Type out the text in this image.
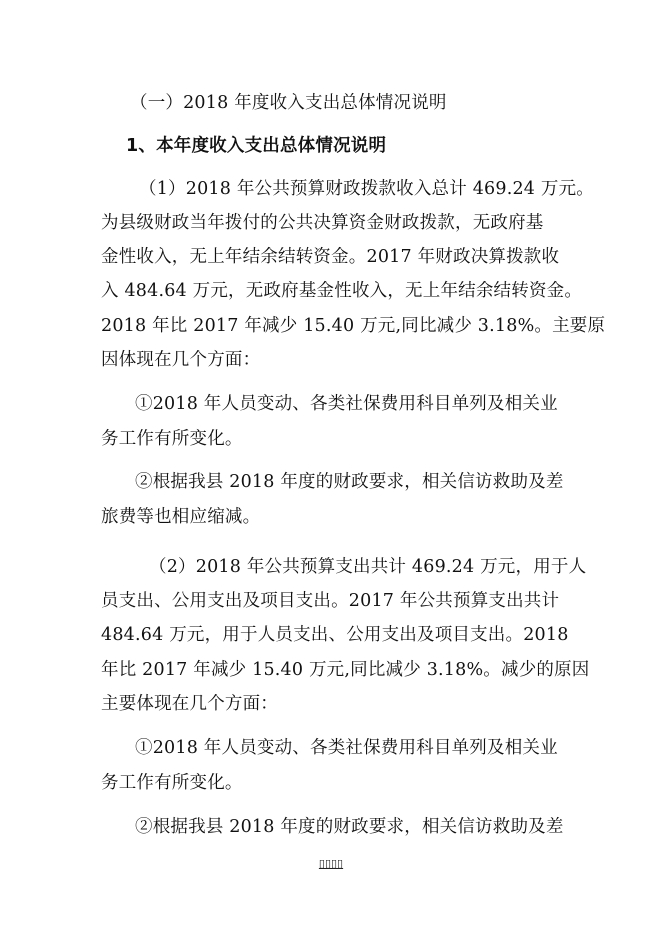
（一）2018 年度收入支出总体情况说明
1、本年度收入支出总体情况说明
（1）2018 年公共预算财政拨款收入总计 469.24 万元。
为县级财政当年拨付的公共决算资金财政拨款，无政府基
金性收入，无上年结余结转资金。2017 年财政决算拨款收
入 484.64 万元，无政府基金性收入，无上年结余结转资金。
2018 年比 2017 年减少 15.40 万元,同比减少 3.18%。主要原
因体现在几个方面：
①2018 年人员变动、各类社保费用科目单列及相关业
务工作有所变化。
②根据我县 2018 年度的财政要求，相关信访救助及差
旅费等也相应缩减。
（2）2018 年公共预算支出共计 469.24 万元，用于人
员支出、公用支出及项目支出。2017 年公共预算支出共计
484.64 万元，用于人员支出、公用支出及项目支出。2018
年比 2017 年减少 15.40 万元,同比减少 3.18%。减少的原因
主要体现在几个方面：
①2018 年人员变动、各类社保费用科目单列及相关业
务工作有所变化。
②根据我县 2018 年度的财政要求，相关信访救助及差
▯▯▯▯
